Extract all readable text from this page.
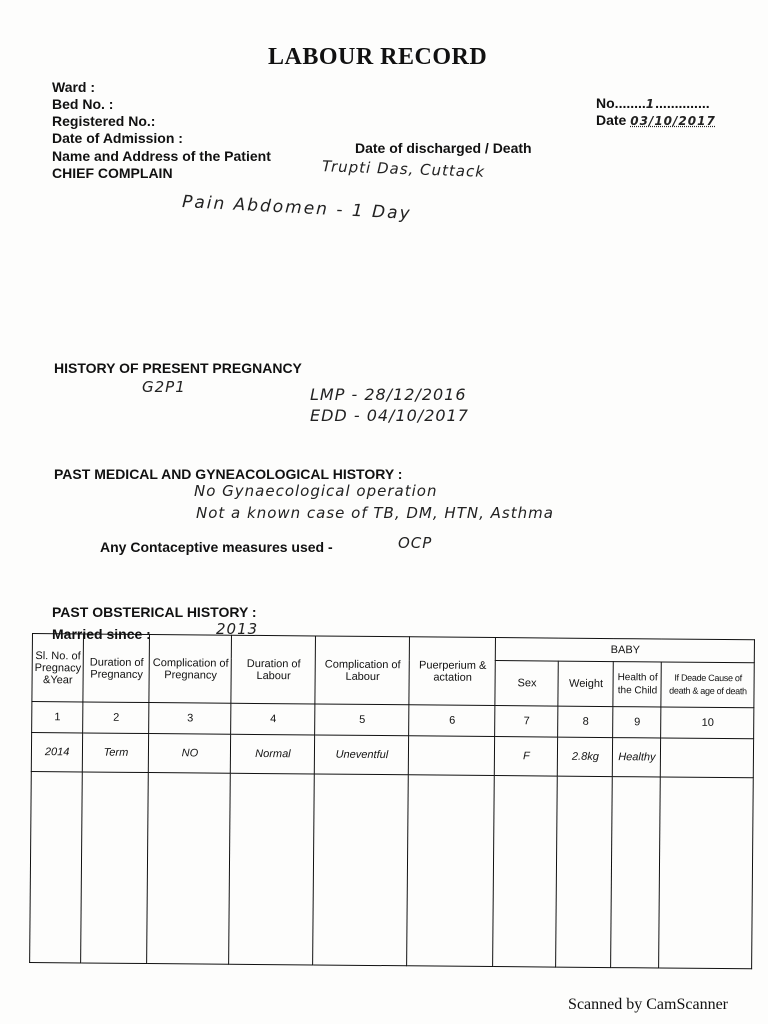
LABOUR RECORD
Ward :
Bed No. :
Registered No.:
Date of Admission :
Name and Address of the Patient
CHIEF COMPLAIN
Date of discharged / Death
No........1..............
Date 03/10/2017
Trupti Das, Cuttack
Pain Abdomen - 1 Day
HISTORY OF PRESENT PREGNANCY
G2P1	LMP - 28/12/2016
EDD - 04/10/2017
PAST MEDICAL AND GYNEACOLOGICAL HISTORY :
No Gynaecological operation
Not a known case of TB, DM, HTN, Asthma
Any Contaceptive measures used -	OCP
PAST OBSTERICAL HISTORY :
Married since :	2013
Sl. No. of Pregnacy &Year	Duration of Pregnancy	Complication of Pregnancy	Duration of Labour	Complication of Labour	Puerperium & actation	BABY			
						Sex	Weight	Health of the Child	If Deade Cause of death & age of death
1	2	3	4	5	6	7	8	9	10
2014	Term	NO	Normal	Uneventful		F	2.8kg	Healthy	

Scanned by CamScanner
